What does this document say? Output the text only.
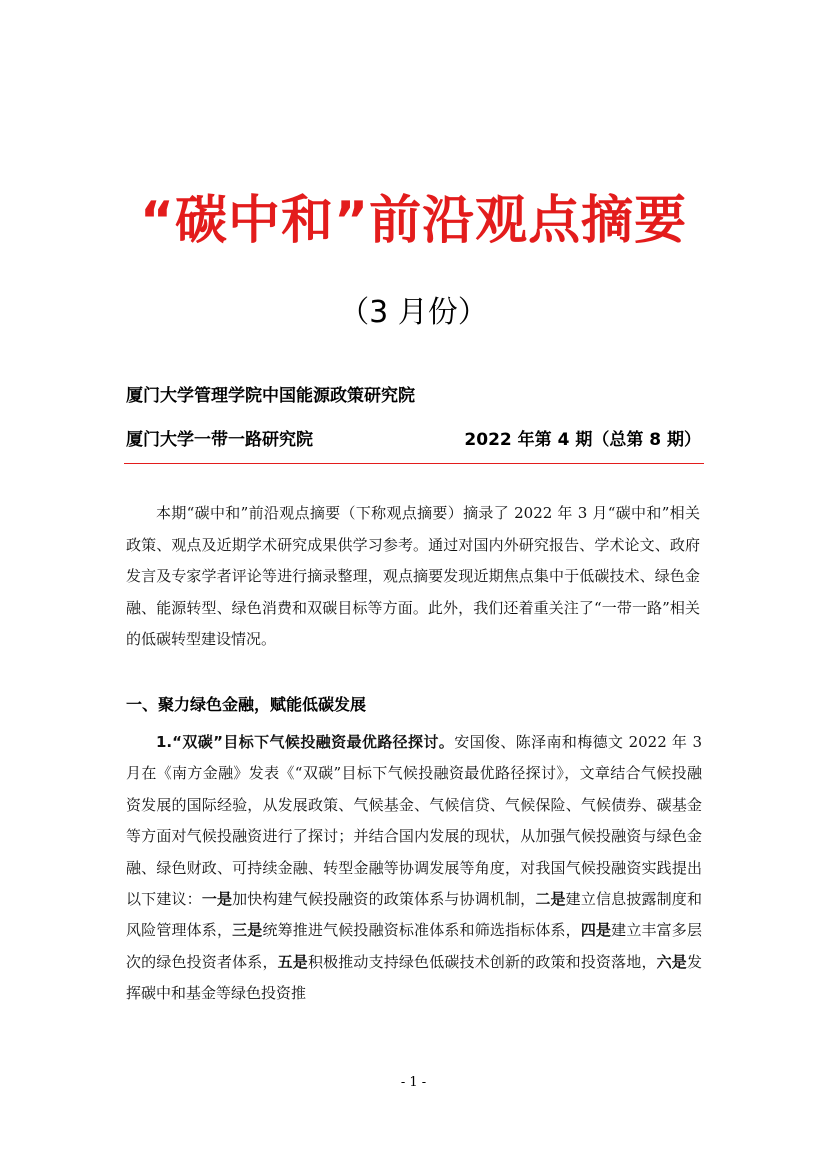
“碳中和”前沿观点摘要
（3 月份）
厦门大学管理学院中国能源政策研究院
厦门大学一带一路研究院	2022 年第 4 期（总第 8 期）

本期“碳中和”前沿观点摘要（下称观点摘要）摘录了 2022 年 3 月“碳中和”相关政策、观点及近期学术研究成果供学习参考。通过对国内外研究报告、学术论文、政府发言及专家学者评论等进行摘录整理，观点摘要发现近期焦点集中于低碳技术、绿色金融、能源转型、绿色消费和双碳目标等方面。此外，我们还着重关注了“一带一路”相关的低碳转型建设情况。

一、聚力绿色金融，赋能低碳发展

1.“双碳”目标下气候投融资最优路径探讨。安国俊、陈泽南和梅德文 2022 年 3 月在《南方金融》发表《“双碳”目标下气候投融资最优路径探讨》，文章结合气候投融资发展的国际经验，从发展政策、气候基金、气候信贷、气候保险、气候债券、碳基金等方面对气候投融资进行了探讨；并结合国内发展的现状，从加强气候投融资与绿色金融、绿色财政、可持续金融、转型金融等协调发展等角度，对我国气候投融资实践提出以下建议：一是加快构建气候投融资的政策体系与协调机制，二是建立信息披露制度和风险管理体系，三是统筹推进气候投融资标准体系和筛选指标体系，四是建立丰富多层次的绿色投资者体系，五是积极推动支持绿色低碳技术创新的政策和投资落地，六是发挥碳中和基金等绿色投资推

- 1 -
